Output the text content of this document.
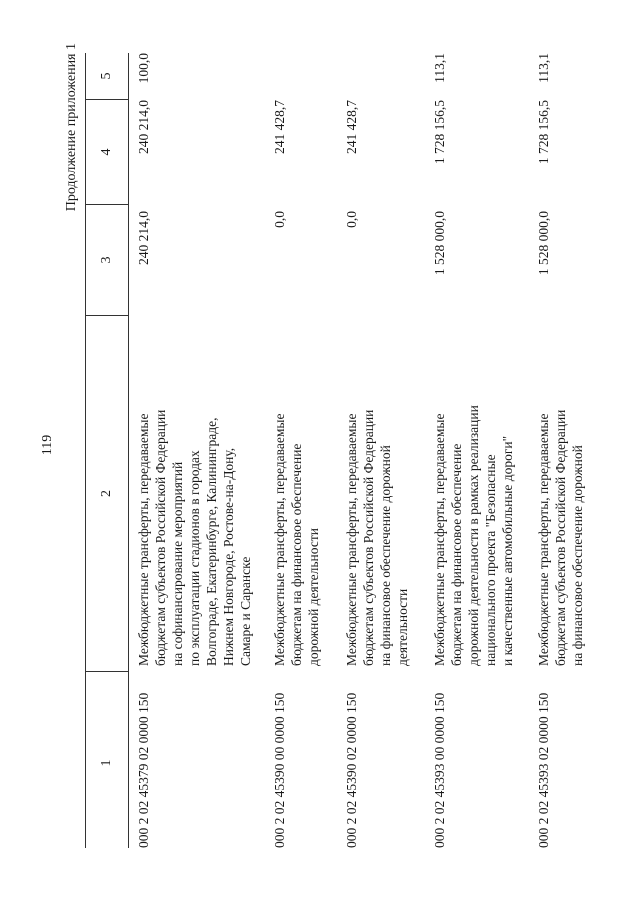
119
Продолжение приложения 1
1
2
3
4
5
000 2 02 45379 02 0000 150
Межбюджетные трансферты, передаваемые бюджетам субъектов Российской Федерации на софинансирование мероприятий по эксплуатации стадионов в городах Волгограде, Екатеринбурге, Калининграде, Нижнем Новгороде, Ростове-на-Дону, Самаре и Саранске
240 214,0
240 214,0
100,0
000 2 02 45390 00 0000 150
Межбюджетные трансферты, передаваемые бюджетам на финансовое обеспечение дорожной деятельности
0,0
241 428,7
000 2 02 45390 02 0000 150
Межбюджетные трансферты, передаваемые бюджетам субъектов Российской Федерации на финансовое обеспечение дорожной деятельности
0,0
241 428,7
000 2 02 45393 00 0000 150
Межбюджетные трансферты, передаваемые бюджетам на финансовое обеспечение дорожной деятельности в рамках реализации национального проекта "Безопасные и качественные автомобильные дороги"
1 528 000,0
1 728 156,5
113,1
000 2 02 45393 02 0000 150
Межбюджетные трансферты, передаваемые бюджетам субъектов Российской Федерации на финансовое обеспечение дорожной
1 528 000,0
1 728 156,5
113,1
